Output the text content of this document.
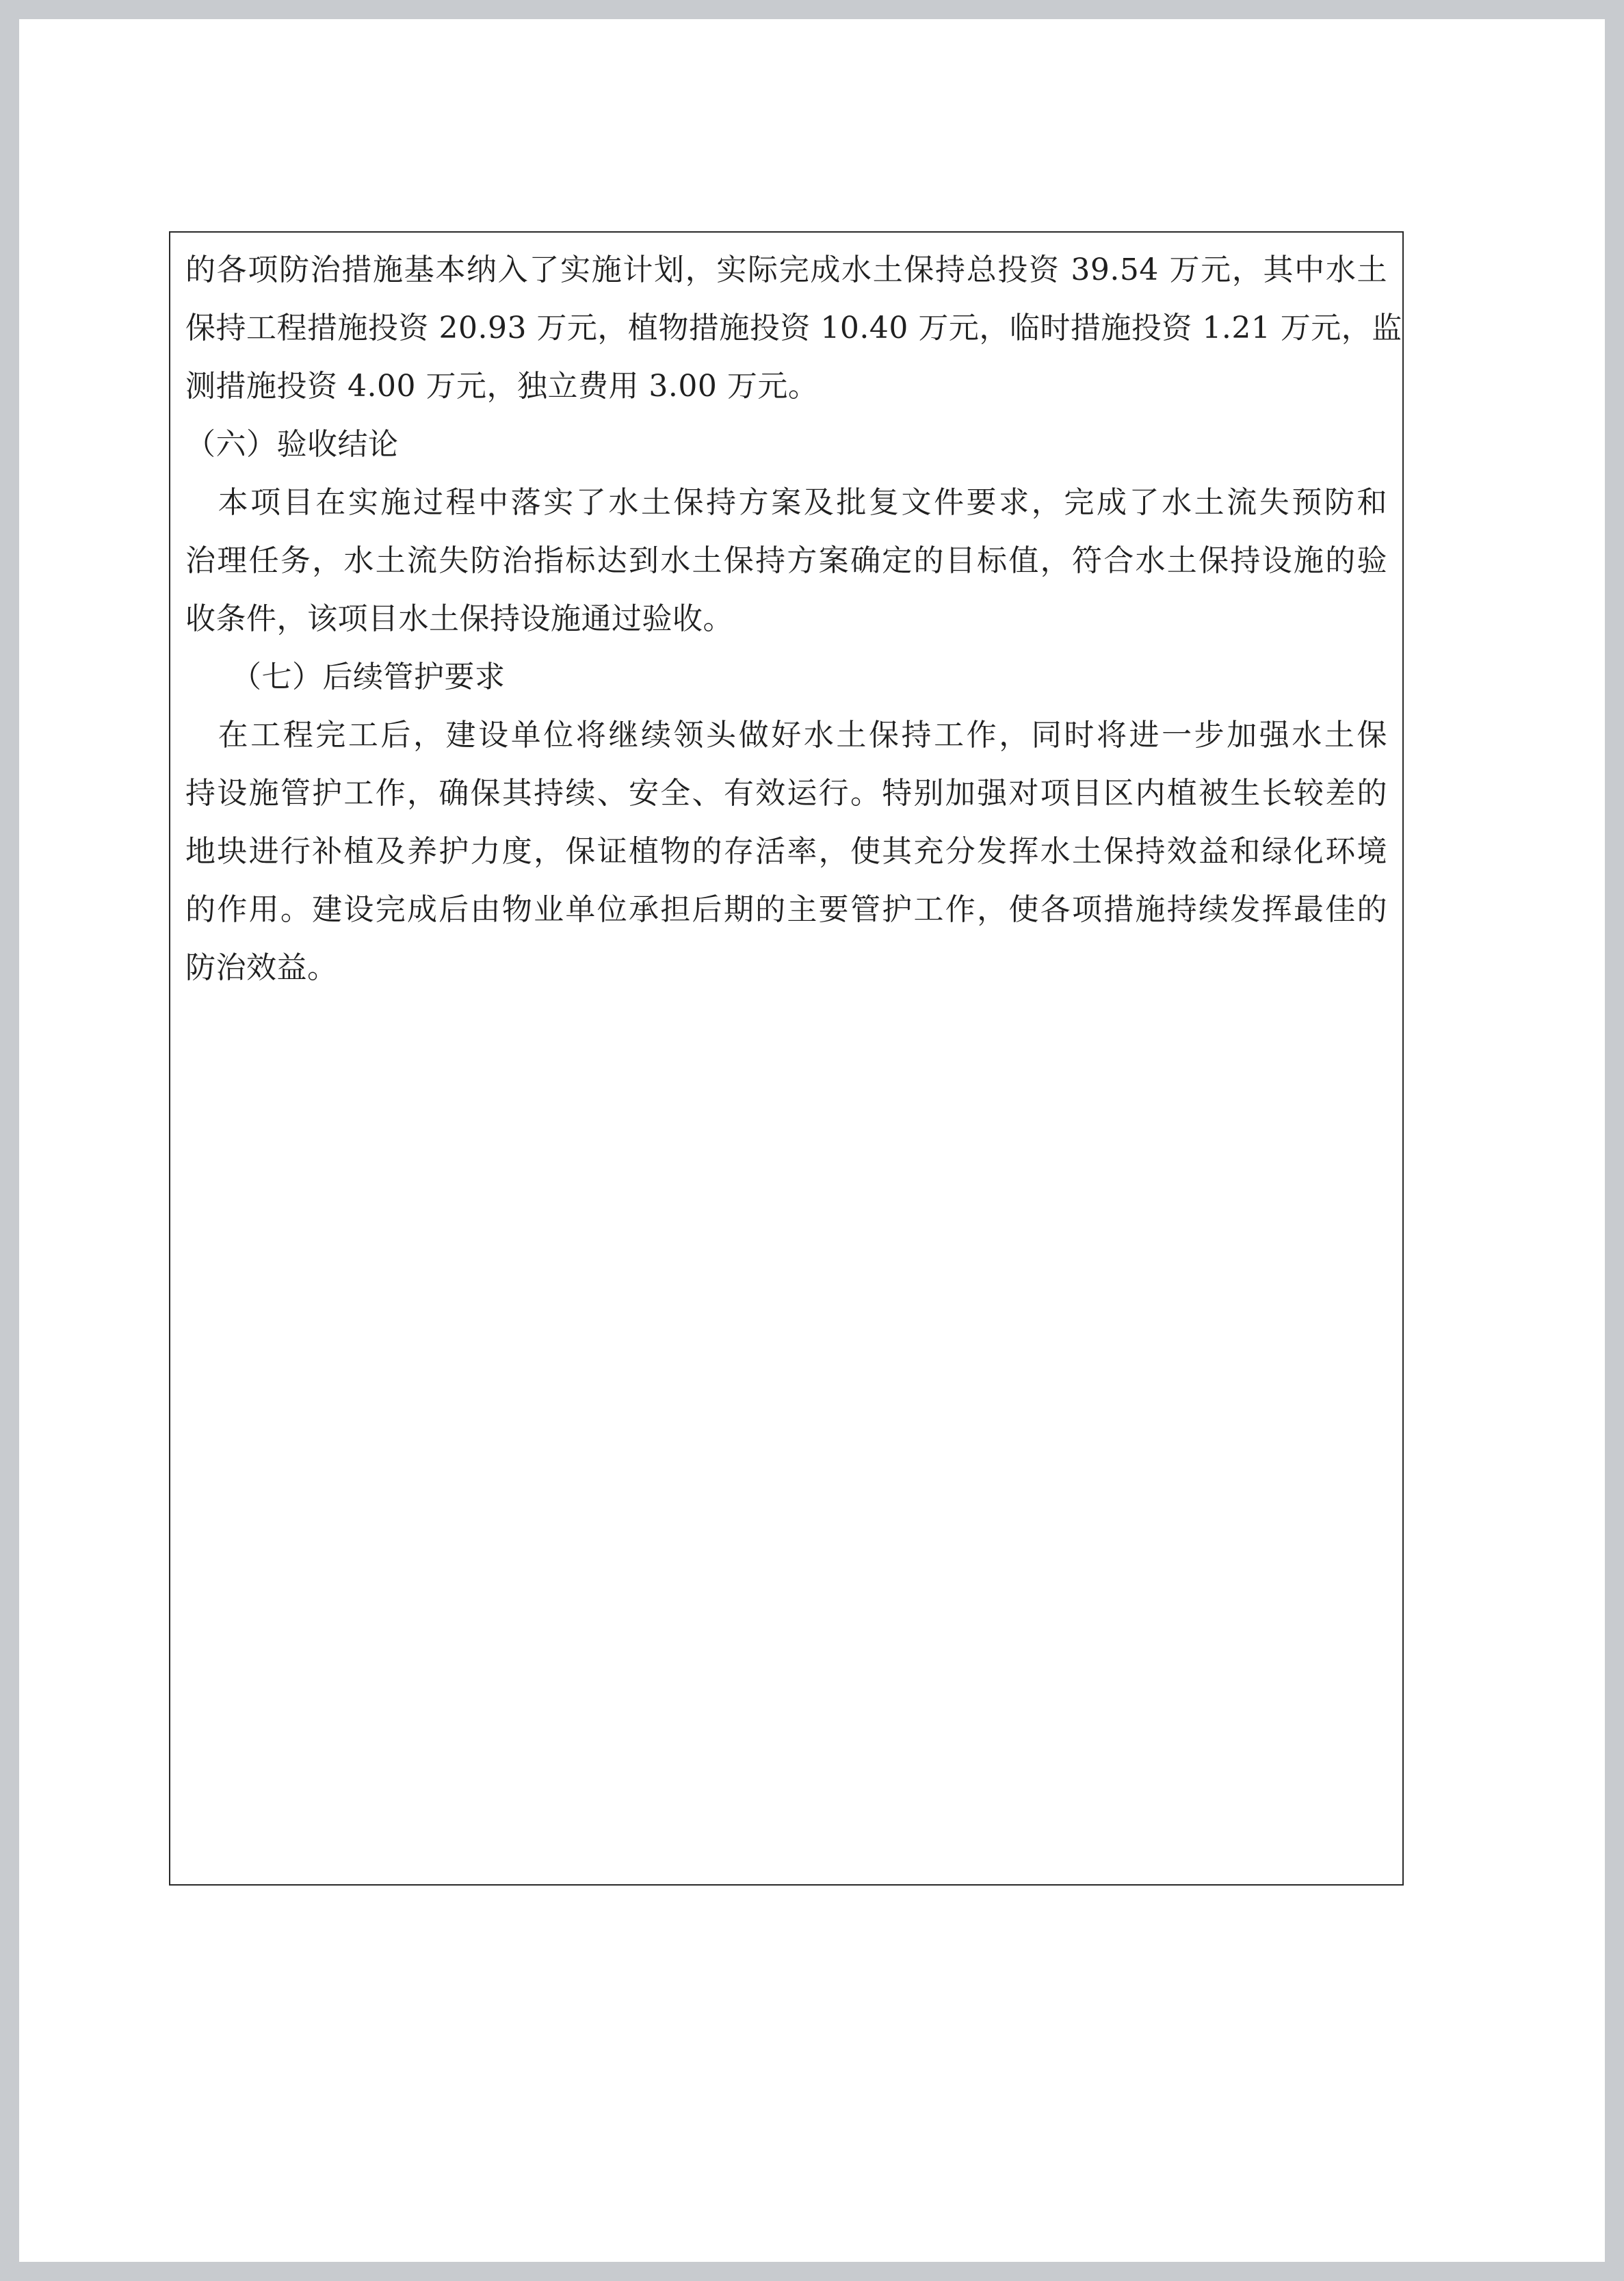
的各项防治措施基本纳入了实施计划，实际完成水土保持总投资 39.54 万元，其中水土
保持工程措施投资 20.93 万元，植物措施投资 10.40 万元，临时措施投资 1.21 万元，监
测措施投资 4.00 万元，独立费用 3.00 万元。
（六）验收结论
　本项目在实施过程中落实了水土保持方案及批复文件要求，完成了水土流失预防和
治理任务，水土流失防治指标达到水土保持方案确定的目标值，符合水土保持设施的验
收条件，该项目水土保持设施通过验收。
　　（七）后续管护要求
　在工程完工后，建设单位将继续领头做好水土保持工作，同时将进一步加强水土保
持设施管护工作，确保其持续、安全、有效运行。特别加强对项目区内植被生长较差的
地块进行补植及养护力度，保证植物的存活率，使其充分发挥水土保持效益和绿化环境
的作用。建设完成后由物业单位承担后期的主要管护工作，使各项措施持续发挥最佳的
防治效益。
